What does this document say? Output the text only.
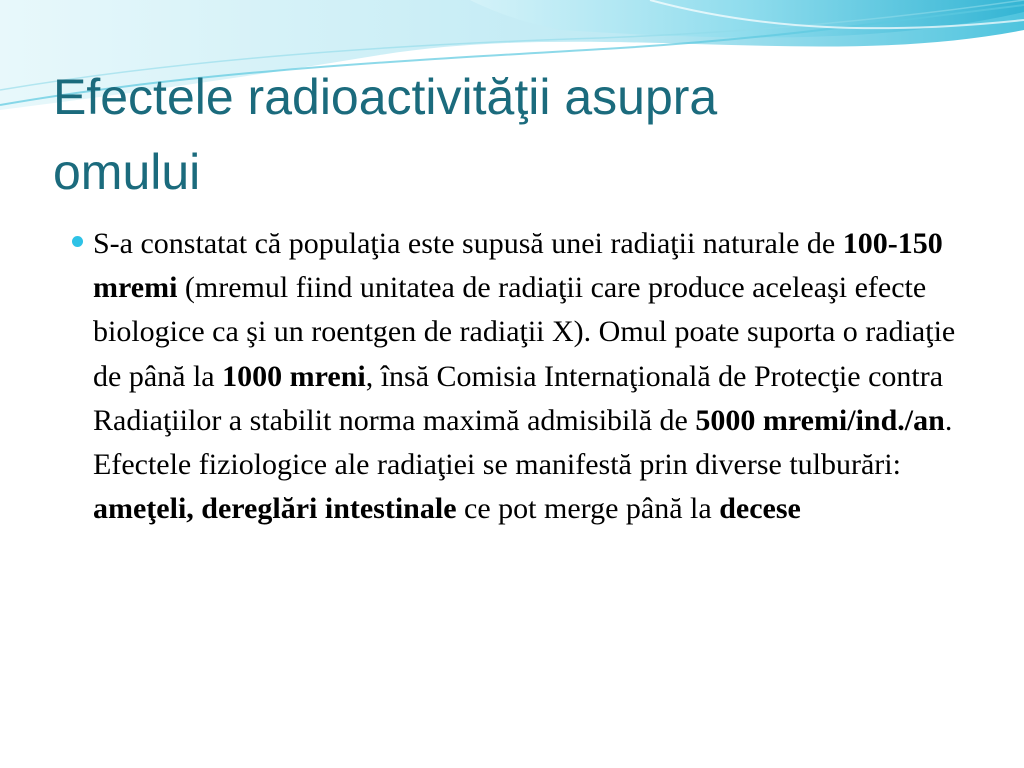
Efectele radioactivităţii asupra
omului

S-a constatat că populaţia este supusă unei radiaţii naturale de 100-150 mremi (mremul fiind unitatea de radiaţii care produce aceleaşi efecte biologice ca şi un roentgen de radiaţii X). Omul poate suporta o radiaţie de până la 1000 mreni, însă Comisia Internaţională de Protecţie contra Radiaţiilor a stabilit norma maximă admisibilă de 5000 mremi/ind./an. Efectele fiziologice ale radiaţiei se manifestă prin diverse tulburări: ameţeli, dereglări intestinale ce pot merge până la decese
